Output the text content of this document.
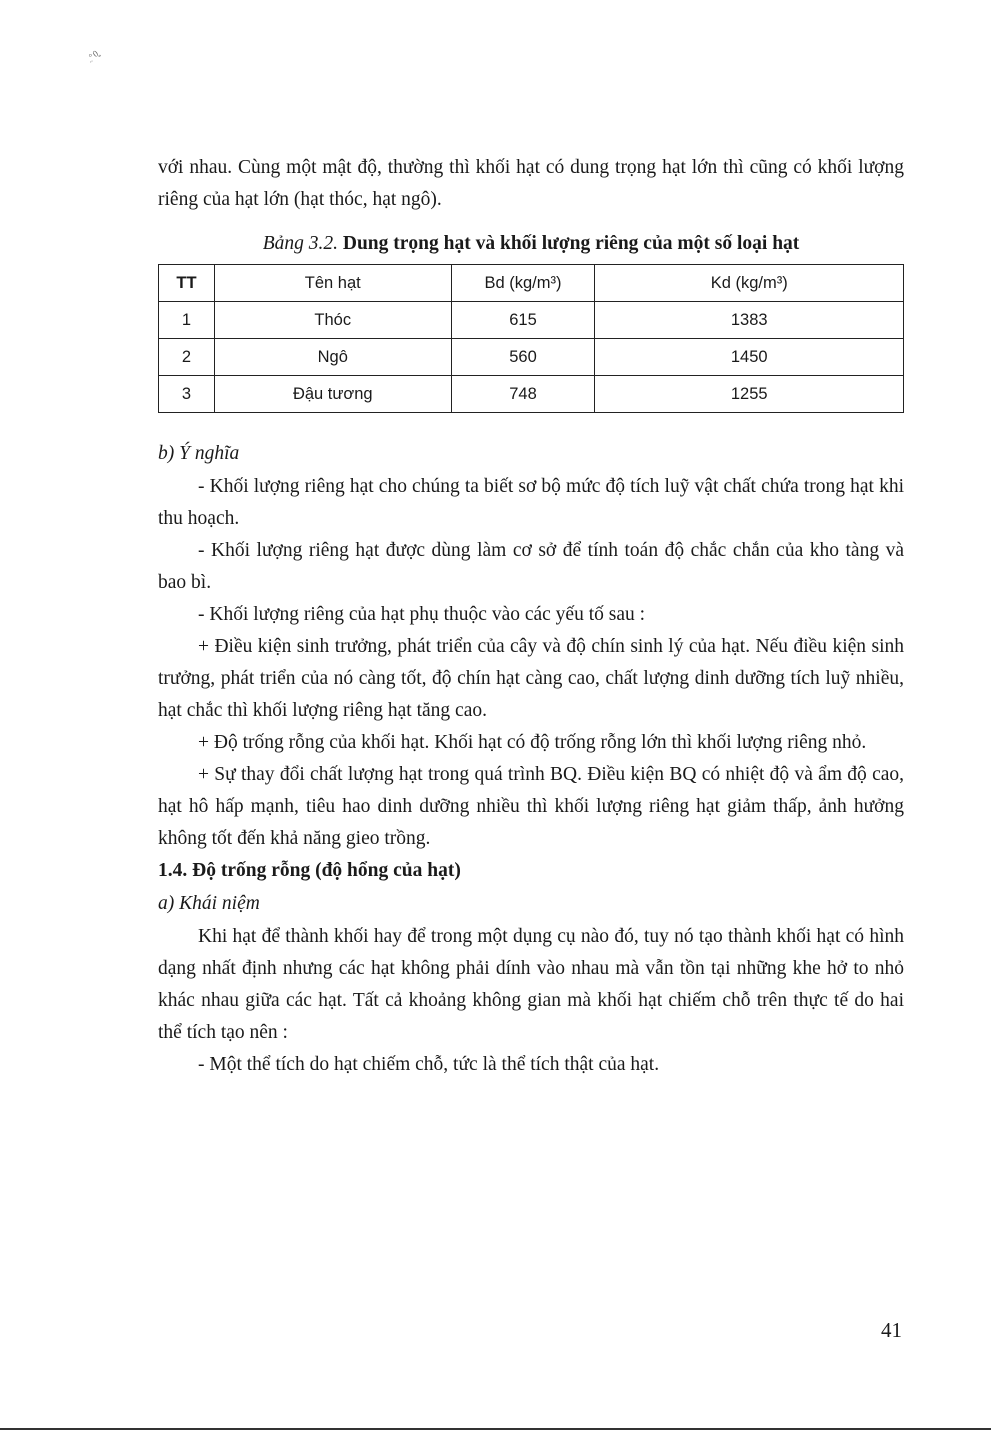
̤°0̤̥

với nhau. Cùng một mật độ, thường thì khối hạt có dung trọng hạt lớn thì cũng có khối lượng riêng của hạt lớn (hạt thóc, hạt ngô).

Bảng 3.2. Dung trọng hạt và khối lượng riêng của một số loại hạt
TT	Tên hạt	Bd (kg/m³)	Kd (kg/m³)
1	Thóc	615	1383
2	Ngô	560	1450
3	Đậu tương	748	1255

b) Ý nghĩa

- Khối lượng riêng hạt cho chúng ta biết sơ bộ mức độ tích luỹ vật chất chứa trong hạt khi thu hoạch.

- Khối lượng riêng hạt được dùng làm cơ sở để tính toán độ chắc chắn của kho tàng và bao bì.

- Khối lượng riêng của hạt phụ thuộc vào các yếu tố sau :

+ Điều kiện sinh trưởng, phát triển của cây và độ chín sinh lý của hạt. Nếu điều kiện sinh trưởng, phát triển của nó càng tốt, độ chín hạt càng cao, chất lượng dinh dưỡng tích luỹ nhiều, hạt chắc thì khối lượng riêng hạt tăng cao.

+ Độ trống rỗng của khối hạt. Khối hạt có độ trống rỗng lớn thì khối lượng riêng nhỏ.

+ Sự thay đổi chất lượng hạt trong quá trình BQ. Điều kiện BQ có nhiệt độ và ẩm độ cao, hạt hô hấp mạnh, tiêu hao dinh dưỡng nhiều thì khối lượng riêng hạt giảm thấp, ảnh hưởng không tốt đến khả năng gieo trồng.

1.4. Độ trống rỗng (độ hổng của hạt)

a) Khái niệm

Khi hạt để thành khối hay để trong một dụng cụ nào đó, tuy nó tạo thành khối hạt có hình dạng nhất định nhưng các hạt không phải dính vào nhau mà vẫn tồn tại những khe hở to nhỏ khác nhau giữa các hạt. Tất cả khoảng không gian mà khối hạt chiếm chỗ trên thực tế do hai thể tích tạo nên :

- Một thể tích do hạt chiếm chỗ, tức là thể tích thật của hạt.

41
